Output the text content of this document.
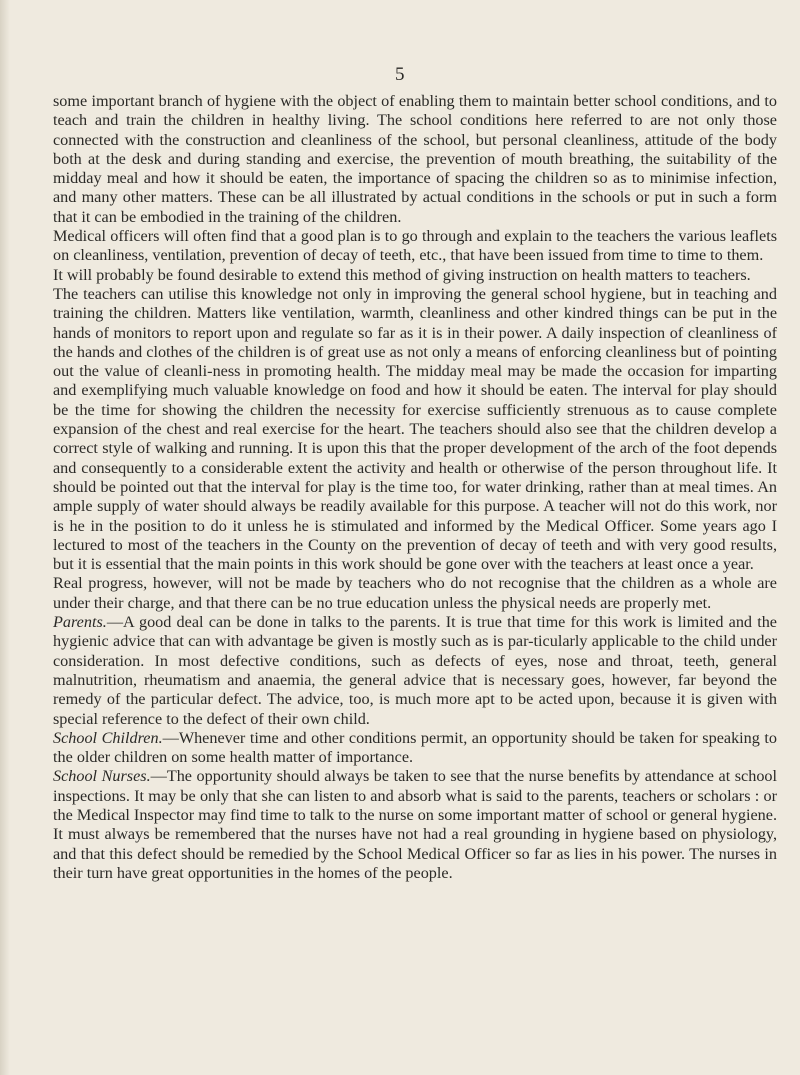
5

some important branch of hygiene with the object of enabling them to maintain better school conditions, and to teach and train the children in healthy living. The school conditions here referred to are not only those connected with the construction and cleanliness of the school, but personal cleanliness, attitude of the body both at the desk and during standing and exercise, the prevention of mouth breathing, the suitability of the midday meal and how it should be eaten, the importance of spacing the children so as to minimise infection, and many other matters. These can be all illustrated by actual conditions in the schools or put in such a form that it can be embodied in the training of the children.

Medical officers will often find that a good plan is to go through and explain to the teachers the various leaflets on cleanliness, ventilation, prevention of decay of teeth, etc., that have been issued from time to time to them.

It will probably be found desirable to extend this method of giving instruction on health matters to teachers.

The teachers can utilise this knowledge not only in improving the general school hygiene, but in teaching and training the children. Matters like ventilation, warmth, cleanliness and other kindred things can be put in the hands of monitors to report upon and regulate so far as it is in their power. A daily inspection of cleanliness of the hands and clothes of the children is of great use as not only a means of enforcing cleanliness but of pointing out the value of cleanli-ness in promoting health. The midday meal may be made the occasion for imparting and exemplifying much valuable knowledge on food and how it should be eaten. The interval for play should be the time for showing the children the necessity for exercise sufficiently strenuous as to cause complete expansion of the chest and real exercise for the heart. The teachers should also see that the children develop a correct style of walking and running. It is upon this that the proper development of the arch of the foot depends and consequently to a considerable extent the activity and health or otherwise of the person throughout life. It should be pointed out that the interval for play is the time too, for water drinking, rather than at meal times. An ample supply of water should always be readily available for this purpose. A teacher will not do this work, nor is he in the position to do it unless he is stimulated and informed by the Medical Officer. Some years ago I lectured to most of the teachers in the County on the prevention of decay of teeth and with very good results, but it is essential that the main points in this work should be gone over with the teachers at least once a year.

Real progress, however, will not be made by teachers who do not recognise that the children as a whole are under their charge, and that there can be no true education unless the physical needs are properly met.

Parents.—A good deal can be done in talks to the parents. It is true that time for this work is limited and the hygienic advice that can with advantage be given is mostly such as is par-ticularly applicable to the child under consideration. In most defective conditions, such as defects of eyes, nose and throat, teeth, general malnutrition, rheumatism and anaemia, the general advice that is necessary goes, however, far beyond the remedy of the particular defect. The advice, too, is much more apt to be acted upon, because it is given with special reference to the defect of their own child.

School Children.—Whenever time and other conditions permit, an opportunity should be taken for speaking to the older children on some health matter of importance.

School Nurses.—The opportunity should always be taken to see that the nurse benefits by attendance at school inspections. It may be only that she can listen to and absorb what is said to the parents, teachers or scholars : or the Medical Inspector may find time to talk to the nurse on some important matter of school or general hygiene. It must always be remembered that the nurses have not had a real grounding in hygiene based on physiology, and that this defect should be remedied by the School Medical Officer so far as lies in his power. The nurses in their turn have great opportunities in the homes of the people.
